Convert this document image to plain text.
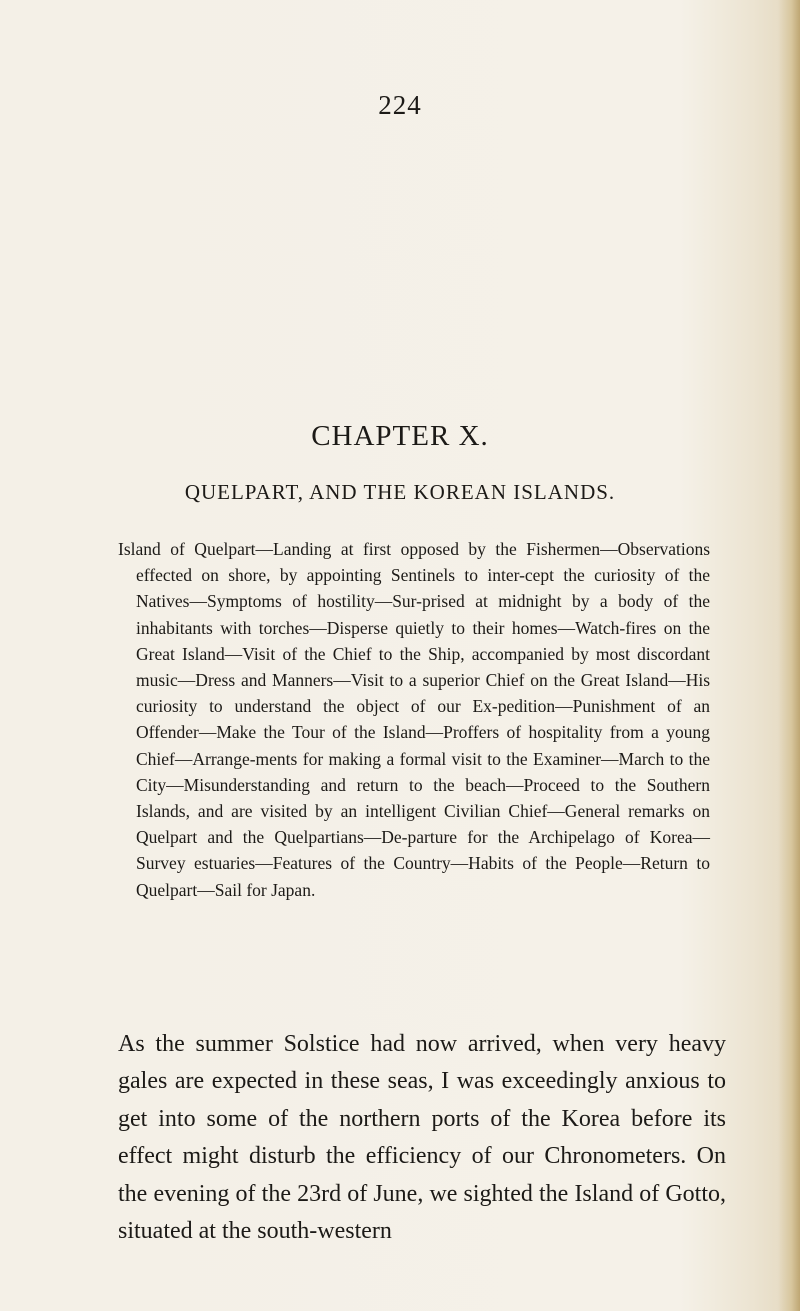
224
CHAPTER X.
QUELPART, AND THE KOREAN ISLANDS.
Island of Quelpart—Landing at first opposed by the Fishermen—Observations effected on shore, by appointing Sentinels to inter-cept the curiosity of the Natives—Symptoms of hostility—Sur-prised at midnight by a body of the inhabitants with torches—Disperse quietly to their homes—Watch-fires on the Great Island—Visit of the Chief to the Ship, accompanied by most discordant music—Dress and Manners—Visit to a superior Chief on the Great Island—His curiosity to understand the object of our Ex-pedition—Punishment of an Offender—Make the Tour of the Island—Proffers of hospitality from a young Chief—Arrange-ments for making a formal visit to the Examiner—March to the City—Misunderstanding and return to the beach—Proceed to the Southern Islands, and are visited by an intelligent Civilian Chief—General remarks on Quelpart and the Quelpartians—De-parture for the Archipelago of Korea—Survey estuaries—Features of the Country—Habits of the People—Return to Quelpart—Sail for Japan.
As the summer Solstice had now arrived, when very heavy gales are expected in these seas, I was exceedingly anxious to get into some of the northern ports of the Korea before its effect might disturb the efficiency of our Chronometers. On the evening of the 23rd of June, we sighted the Island of Gotto, situated at the south-western
